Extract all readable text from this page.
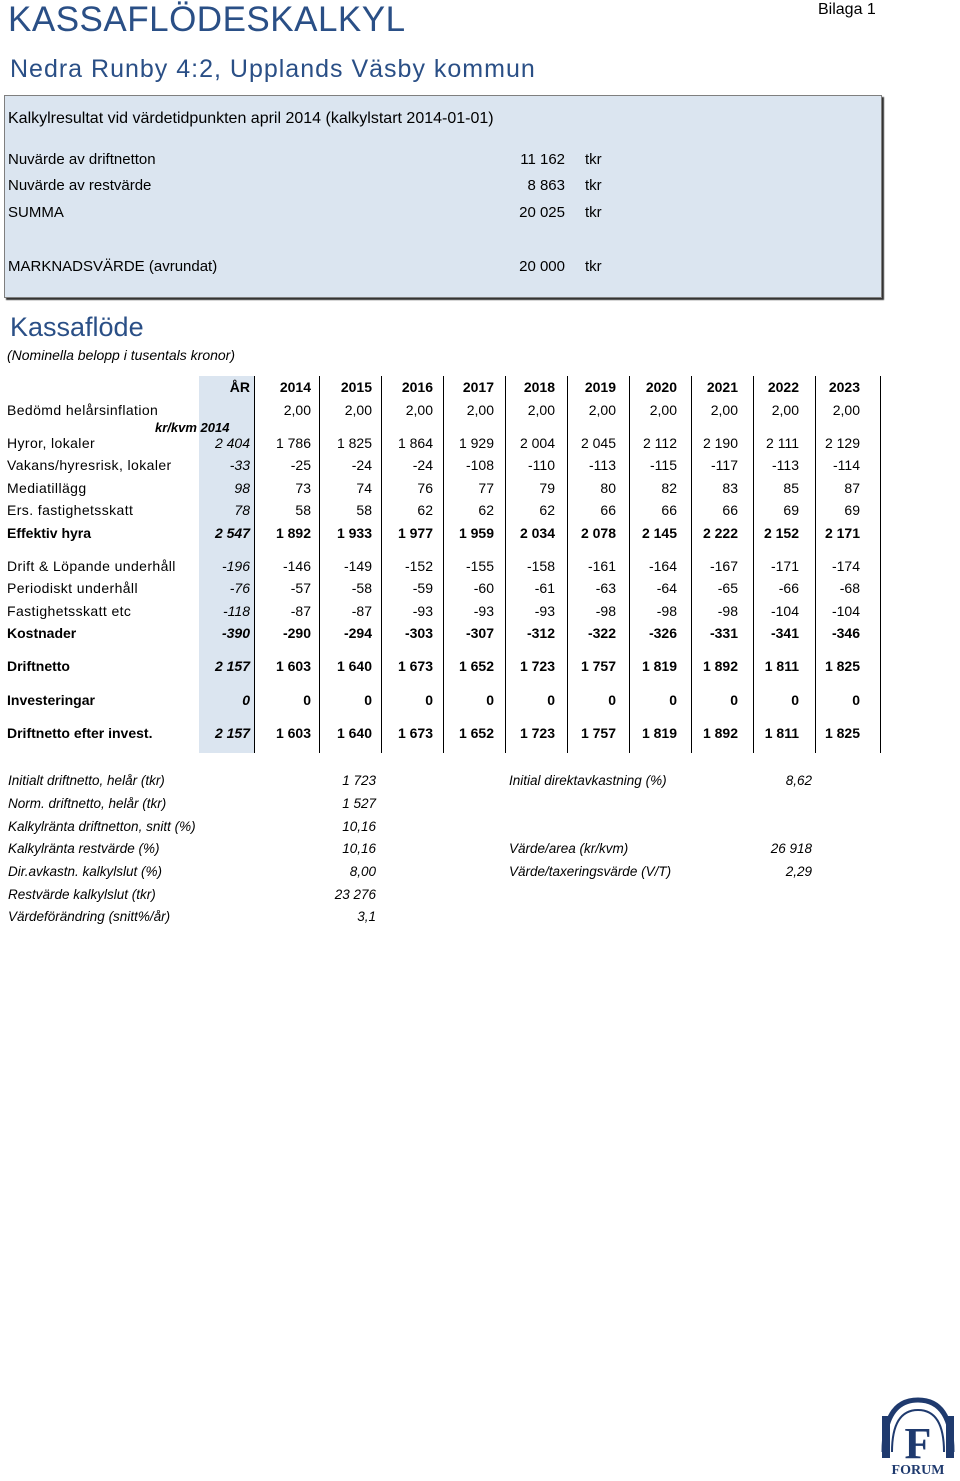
KASSAFLÖDESKALKYL	Bilaga 1
Nedra Runby 4:2, Upplands Väsby kommun
Kalkylresultat vid värdetidpunkten april 2014 (kalkylstart 2014-01-01)
Nuvärde av driftnetton	11 162 tkr
Nuvärde av restvärde	8 863 tkr
SUMMA	20 025 tkr
MARKNADSVÄRDE (avrundat)	20 000 tkr
Kassaflöde
(Nominella belopp i tusentals kronor)
	ÅR	2014	2015	2016	2017	2018	2019	2020	2021	2022	2023
Bedömd helårsinflation		2,00	2,00	2,00	2,00	2,00	2,00	2,00	2,00	2,00	2,00

Hyror, lokaler	2 404	1 786	1 825	1 864	1 929	2 004	2 045	2 112	2 190	2 111	2 129
Vakans/hyresrisk, lokaler	-33	-25	-24	-24	-108	-110	-113	-115	-117	-113	-114
Mediatillägg	98	73	74	76	77	79	80	82	83	85	87
Ers. fastighetsskatt	78	58	58	62	62	62	66	66	66	69	69
Effektiv hyra	2 547	1 892	1 933	1 977	1 959	2 034	2 078	2 145	2 222	2 152	2 171

Drift & Löpande underhåll	-196	-146	-149	-152	-155	-158	-161	-164	-167	-171	-174
Periodiskt underhåll	-76	-57	-58	-59	-60	-61	-63	-64	-65	-66	-68
Fastighetsskatt etc	-118	-87	-87	-93	-93	-93	-98	-98	-98	-104	-104
Kostnader	-390	-290	-294	-303	-307	-312	-322	-326	-331	-341	-346

Driftnetto	2 157	1 603	1 640	1 673	1 652	1 723	1 757	1 819	1 892	1 811	1 825

Investeringar	0	0	0	0	0	0	0	0	0	0	0

Driftnetto efter invest.	2 157	1 603	1 640	1 673	1 652	1 723	1 757	1 819	1 892	1 811	1 825
kr/kvm 2014
Initialt driftnetto, helår (tkr)	1 723
Norm. driftnetto, helår (tkr)	1 527
Kalkylränta driftnetton, snitt (%)	10,16
Kalkylränta restvärde (%)	10,16
Dir.avkastn. kalkylslut (%)	8,00
Restvärde kalkylslut (tkr)	23 276
Värdeförändring (snitt%/år)	3,1
Initial direktavkastning (%)	8,62
Värde/area (kr/kvm)	26 918
Värde/taxeringsvärde (V/T)	2,29
F
FORUM
